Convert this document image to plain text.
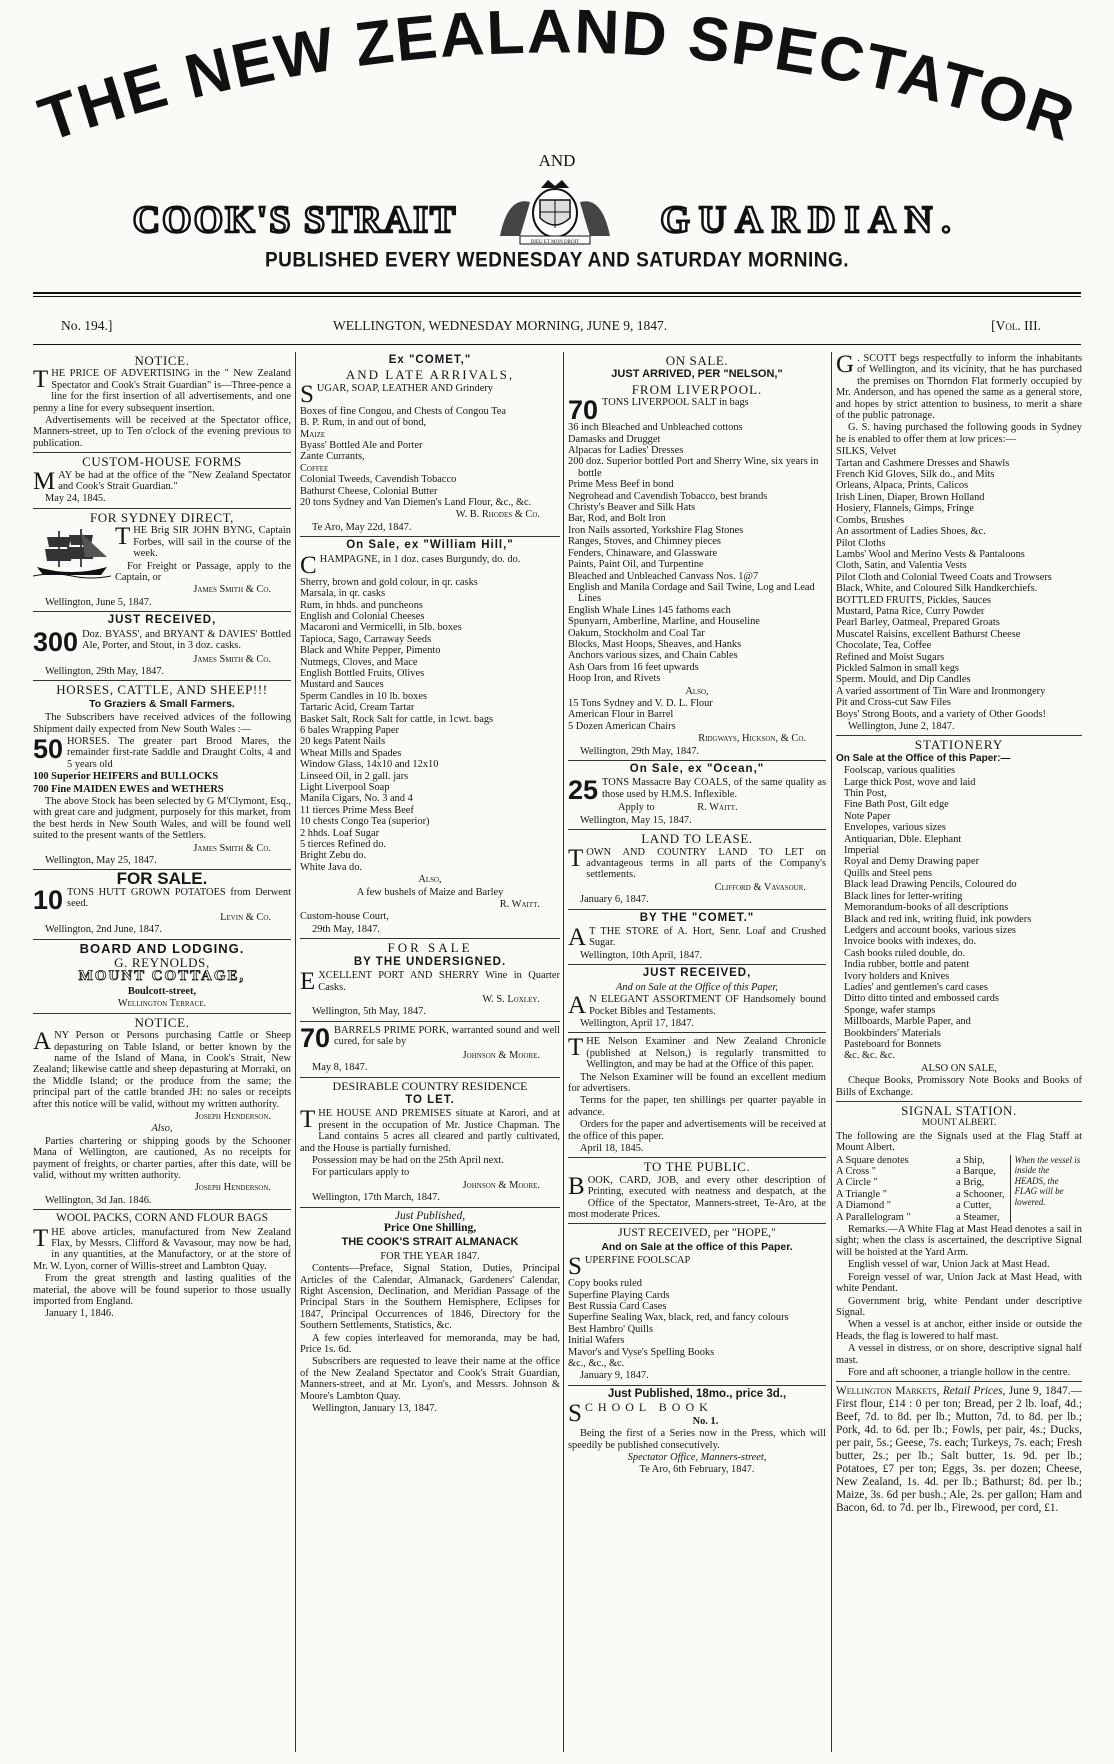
THE NEW ZEALAND SPECTATOR
AND
COOK'S STRAIT	GUARDIAN.
DIEU ET MON DROIT
PUBLISHED EVERY WEDNESDAY AND SATURDAY MORNING.
No. 194.]	WELLINGTON, WEDNESDAY MORNING, JUNE 9, 1847.	[Vol. III.
NOTICE.
THE PRICE OF ADVERTISING in the " New Zealand Spectator and Cook's Strait Guardian" is—Three-pence a line for the first insertion of all advertisements, and one penny a line for every subsequent insertion.
Advertisements will be received at the Spectator office, Manners-street, up to Ten o'clock of the evening previous to publication.
CUSTOM-HOUSE FORMS
MAY be had at the office of the "New Zealand Spectator and Cook's Strait Guardian."
May 24, 1845.
FOR SYDNEY DIRECT,
THE Brig SIR JOHN BYNG, Captain Forbes, will sail in the course of the week.
For Freight or Passage, apply to the Captain, or
James Smith & Co.
Wellington, June 5, 1847.
JUST RECEIVED,
300 Doz. BYASS', and BRYANT & DAVIES' Bottled Ale, Porter, and Stout, in 3 doz. casks.
James Smith & Co.
Wellington, 29th May, 1847.
HORSES, CATTLE, AND SHEEP!!!
To Graziers & Small Farmers.
The Subscribers have received advices of the following Shipment daily expected from New South Wales :—
50 HORSES. The greater part Brood Mares, the remainder first-rate Saddle and Draught Colts, 4 and 5 years old
100 Superior HEIFERS and BULLOCKS
700 Fine MAIDEN EWES and WETHERS
The above Stock has been selected by G M'Clymont, Esq., with great care and judgment, purposely for this market, from the best herds in New South Wales, and will be found well suited to the present wants of the Settlers.
James Smith & Co.
Wellington, May 25, 1847.
FOR SALE.
10 TONS HUTT GROWN POTATOES from Derwent seed.
Levin & Co.
Wellington, 2nd June, 1847.
BOARD AND LODGING.
G. REYNOLDS,
MOUNT COTTAGE,
Boulcott-street,
Wellington Terrace.
NOTICE.
ANY Person or Persons purchasing Cattle or Sheep depasturing on Table Island, or better known by the name of the Island of Mana, in Cook's Strait, New Zealand; likewise cattle and sheep depasturing at Morraki, on the Middle Island; or the produce from the same; the principal part of the cattle branded JH: no sales or receipts after this notice will be valid, without my written authority.
Joseph Henderson.
Also,
Parties chartering or shipping goods by the Schooner Mana of Wellington, are cautioned, As no receipts for payment of freights, or charter parties, after this date, will be valid, without my written authority.
Joseph Henderson.
Wellington, 3d Jan. 1846.
WOOL PACKS, CORN AND FLOUR BAGS
THE above articles, manufactured from New Zealand Flax, by Messrs. Clifford & Vavasour, may now be had, in any quantities, at the Manufactory, or at the store of Mr. W. Lyon, corner of Willis-street and Lambton Quay.
From the great strength and lasting qualities of the material, the above will be found superior to those usually imported from England.
January 1, 1846.
Ex "COMET,"
AND LATE ARRIVALS,
SUGAR, SOAP, LEATHER AND Grindery
Boxes of fine Congou, and Chests of Congou Tea
B. P. Rum, in and out of bond,
Maize
Byass' Bottled Ale and Porter
Zante Currants,
Coffee
Colonial Tweeds, Cavendish Tobacco
Bathurst Cheese, Colonial Butter
20 tons Sydney and Van Diemen's Land Flour, &c., &c.
W. B. Rhodes & Co.
Te Aro, May 22d, 1847.
On Sale, ex "William Hill,"
CHAMPAGNE, in 1 doz. cases Burgundy, do. do.
Sherry, brown and gold colour, in qr. casks
Marsala, in qr. casks
Rum, in hhds. and puncheons
English and Colonial Cheeses
Macaroni and Vermicelli, in 5lb. boxes
Tapioca, Sago, Carraway Seeds
Black and White Pepper, Pimento
Nutmegs, Cloves, and Mace
English Bottled Fruits, Olives
Mustard and Sauces
Sperm Candles in 10 lb. boxes
Tartaric Acid, Cream Tartar
Basket Salt, Rock Salt for cattle, in 1cwt. bags
6 bales Wrapping Paper
20 kegs Patent Nails
Wheat Mills and Spades
Window Glass, 14x10 and 12x10
Linseed Oil, in 2 gall. jars
Light Liverpool Soap
Manila Cigars, No. 3 and 4
11 tierces Prime Mess Beef
10 chests Congo Tea (superior)
2 hhds. Loaf Sugar
5 tierces Refined do.
Bright Zebu do.
White Java do.
Also,
A few bushels of Maize and Barley
R. Waitt.
Custom-house Court,
29th May, 1847.
FOR SALE
BY THE UNDERSIGNED.
EXCELLENT PORT AND SHERRY Wine in Quarter Casks.
W. S. Loxley.
Wellington, 5th May, 1847.
70 BARRELS PRIME PORK, warranted sound and well cured, for sale by
Johnson & Moore.
May 8, 1847.
DESIRABLE COUNTRY RESIDENCE
TO LET.
THE HOUSE AND PREMISES situate at Karori, and at present in the occupation of Mr. Justice Chapman. The Land contains 5 acres all cleared and partly cultivated, and the House is partially furnished.
Possession may be had on the 25th April next.
For particulars apply to
Johnson & Moore.
Wellington, 17th March, 1847.
Just Published,
Price One Shilling,
THE COOK'S STRAIT ALMANACK
FOR THE YEAR 1847.
Contents—Preface, Signal Station, Duties, Principal Articles of the Calendar, Almanack, Gardeners' Calendar, Right Ascension, Declination, and Meridian Passage of the Principal Stars in the Southern Hemisphere, Eclipses for 1847, Principal Occurrences of 1846, Directory for the Southern Settlements, Statistics, &c.
A few copies interleaved for memoranda, may be had, Price 1s. 6d.
Subscribers are requested to leave their name at the office of the New Zealand Spectator and Cook's Strait Guardian, Manners-street, and at Mr. Lyon's, and Messrs. Johnson & Moore's Lambton Quay.
Wellington, January 13, 1847.
ON SALE.
JUST ARRIVED, PER "NELSON,"
FROM LIVERPOOL.
70 TONS LIVERPOOL SALT in bags
36 inch Bleached and Unbleached cottons
Damasks and Drugget
Alpacas for Ladies' Dresses
200 doz. Superior bottled Port and Sherry Wine, six years in bottle
Prime Mess Beef in bond
Negrohead and Cavendish Tobacco, best brands
Christy's Beaver and Silk Hats
Bar, Rod, and Bolt Iron
Iron Nails assorted, Yorkshire Flag Stones
Ranges, Stoves, and Chimney pieces
Fenders, Chinaware, and Glassware
Paints, Paint Oil, and Turpentine
Bleached and Unbleached Canvass Nos. 1@7
English and Manila Cordage and Sail Twine, Log and Lead Lines
English Whale Lines 145 fathoms each
Spunyarn, Amberline, Marline, and Houseline
Oakum, Stockholm and Coal Tar
Blocks, Mast Hoops, Sheaves, and Hanks
Anchors various sizes, and Chain Cables
Ash Oars from 16 feet upwards
Hoop Iron, and Rivets
Also,
15 Tons Sydney and V. D. L. Flour
American Flour in Barrel
5 Dozen American Chairs
Ridgways, Hickson, & Co.
Wellington, 29th May, 1847.
On Sale, ex "Ocean,"
25 TONS Massacre Bay COALS, of the same quality as those used by H.M.S. Inflexible.
Apply to	R. Waitt.
Wellington, May 15, 1847.
LAND TO LEASE.
TOWN AND COUNTRY LAND TO LET on advantageous terms in all parts of the Company's settlements.
Clifford & Vavasour.
January 6, 1847.
BY THE "COMET."
A T THE STORE of A. Hort, Senr. Loaf and Crushed Sugar.
Wellington, 10th April, 1847.
JUST RECEIVED,
And on Sale at the Office of this Paper,
A N ELEGANT ASSORTMENT OF Handsomely bound Pocket Bibles and Testaments.
Wellington, April 17, 1847.
THE Nelson Examiner and New Zealand Chronicle (published at Nelson,) is regularly transmitted to Wellington, and may be had at the Office of this paper.
The Nelson Examiner will be found an excellent medium for advertisers.
Terms for the paper, ten shillings per quarter payable in advance.
Orders for the paper and advertisements will be received at the office of this paper.
April 18, 1845.
TO THE PUBLIC.
BOOK, CARD, JOB, and every other description of Printing, executed with neatness and despatch, at the Office of the Spectator, Manners-street, Te-Aro, at the most moderate Prices.
JUST RECEIVED, per "HOPE,"
And on Sale at the office of this Paper.
SUPERFINE FOOLSCAP
Copy books ruled
Superfine Playing Cards
Best Russia Card Cases
Superfine Sealing Wax, black, red, and fancy colours
Best Hambro' Quills
Initial Wafers
Mavor's and Vyse's Spelling Books
&c., &c., &c.
January 9, 1847.
Just Published, 18mo., price 3d.,
SCHOOL BOOK
No. 1.
Being the first of a Series now in the Press, which will speedily be published consecutively.
Spectator Office, Manners-street,
Te Aro, 6th February, 1847.
G . SCOTT begs respectfully to inform the inhabitants of Wellington, and its vicinity, that he has purchased the premises on Thorndon Flat formerly occupied by Mr. Anderson, and has opened the same as a general store, and hopes by strict attention to business, to merit a share of the public patronage.
G. S. having purchased the following goods in Sydney he is enabled to offer them at low prices:—
SILKS, Velvet
Tartan and Cashmere Dresses and Shawls
French Kid Gloves, Silk do., and Mits
Orleans, Alpaca, Prints, Calicos
Irish Linen, Diaper, Brown Holland
Hosiery, Flannels, Gimps, Fringe
Combs, Brushes
An assortment of Ladies Shoes, &c.
Pilot Cloths
Lambs' Wool and Merino Vests & Pantaloons
Cloth, Satin, and Valentia Vests
Pilot Cloth and Colonial Tweed Coats and Trowsers
Black, White, and Coloured Silk Handkerchiefs.
BOTTLED FRUITS, Pickles, Sauces
Mustard, Patna Rice, Curry Powder
Pearl Barley, Oatmeal, Prepared Groats
Muscatel Raisins, excellent Bathurst Cheese
Chocolate, Tea, Coffee
Refined and Moist Sugars
Pickled Salmon in small kegs
Sperm. Mould, and Dip Candles
A varied assortment of Tin Ware and Ironmongery
Pit and Cross-cut Saw Files
Boys' Strong Boots, and a variety of Other Goods!
Wellington, June 2, 1847.
STATIONERY
On Sale at the Office of this Paper:—
Foolscap, various qualities
Large thick Post, wove and laid
Thin Post,
Fine Bath Post, Gilt edge
Note Paper
Envelopes, various sizes
Antiquarian, Dble. Elephant
Imperial
Royal and Demy Drawing paper
Quills and Steel pens
Black lead Drawing Pencils, Coloured do
Black lines for letter-writing
Memorandum-books of all descriptions
Black and red ink, writing fluid, ink powders
Ledgers and account books, various sizes
Invoice books with indexes, do.
Cash books ruled double, do.
India rubber, bottle and patent
Ivory holders and Knives
Ladies' and gentlemen's card cases
Ditto ditto tinted and embossed cards
Sponge, wafer stamps
Millboards, Marble Paper, and
Bookbinders' Materials
Pasteboard for Bonnets
&c. &c. &c.
ALSO ON SALE,
Cheque Books, Promissory Note Books and Books of Bills of Exchange.
SIGNAL STATION.
MOUNT ALBERT.
The following are the Signals used at the Flag Staff at Mount Albert.
A Square denotes	a Ship,
A Cross "	a Barque,
A Circle "	a Brig,
A Triangle "	a Schooner,
A Diamond "	a Cutter,
A Parallelogram "	a Steamer,
When the vessel is inside the HEADS, the FLAG will be lowered.
Remarks.—A White Flag at Mast Head denotes a sail in sight; when the class is ascertained, the descriptive Signal will be hoisted at the Yard Arm.
English vessel of war, Union Jack at Mast Head.
Foreign vessel of war, Union Jack at Mast Head, with white Pendant.
Government brig, white Pendant under descriptive Signal.
When a vessel is at anchor, either inside or outside the Heads, the flag is lowered to half mast.
A vessel in distress, or on shore, descriptive signal half mast.
Fore and aft schooner, a triangle hollow in the centre.
Wellington Markets, Retail Prices, June 9, 1847.—First flour, £14 : 0 per ton; Bread, per 2 lb. loaf, 4d.; Beef, 7d. to 8d. per lb.; Mutton, 7d. to 8d. per lb.; Pork, 4d. to 6d. per lb.; Fowls, per pair, 4s.; Ducks, per pair, 5s.; Geese, 7s. each; Turkeys, 7s. each; Fresh butter, 2s.; per lb.; Salt butter, 1s. 9d. per lb.; Potatoes, £7 per ton; Eggs, 3s. per dozen; Cheese, New Zealand, 1s. 4d. per lb.; Bathurst; 8d. per lb.; Maize, 3s. 6d per bush.; Ale, 2s. per gallon; Ham and Bacon, 6d. to 7d. per lb., Firewood, per cord, £1.
